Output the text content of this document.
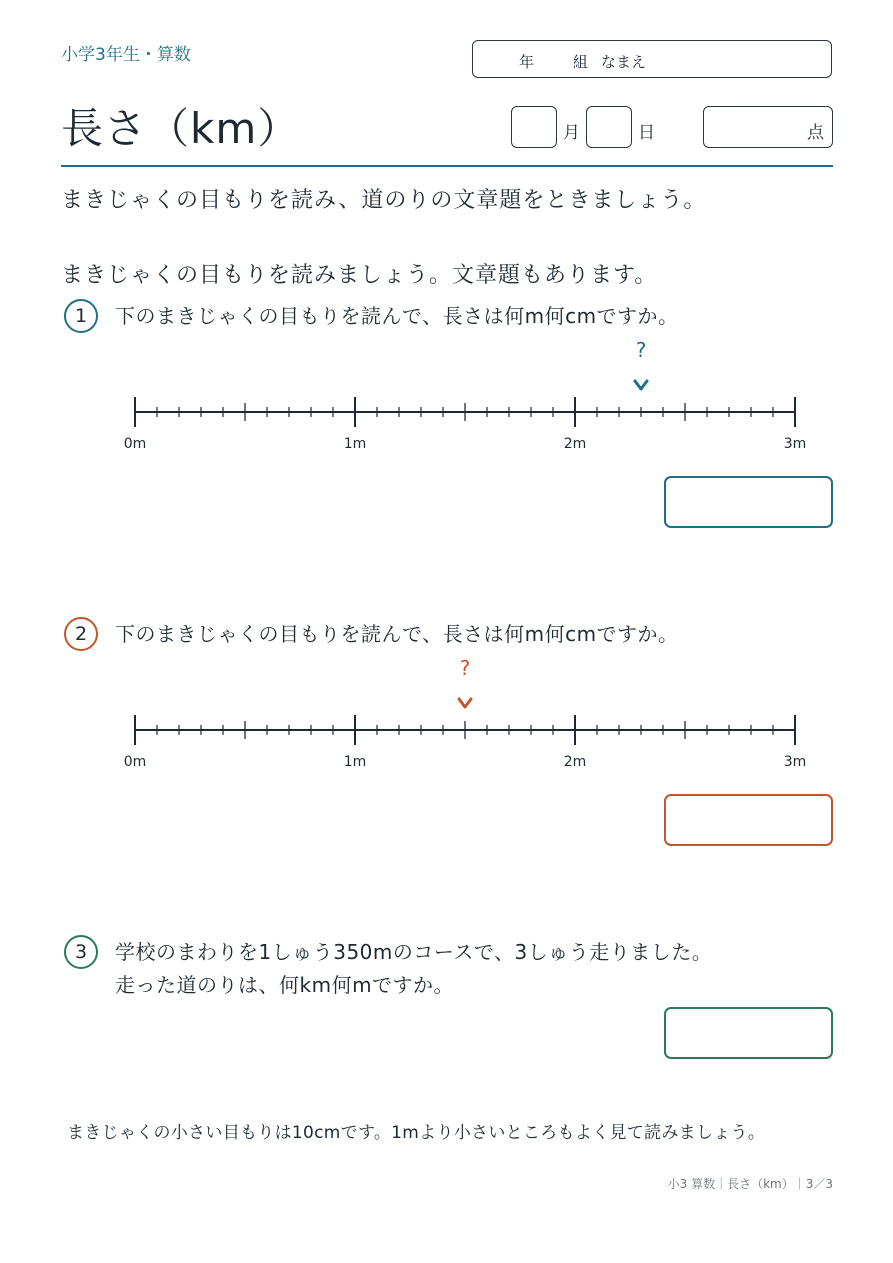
小学3年生・算数	年	組 なまえ
長さ（km）	月	日	点
まきじゃくの目もりを読み、道のりの文章題をときましょう。
まきじゃくの目もりを読みましょう。文章題もあります。
1	下のまきじゃくの目もりを読んで、長さは何m何cmですか。
0m	1m	2m	3m
?
2	下のまきじゃくの目もりを読んで、長さは何m何cmですか。
0m	1m	2m	3m
?
3	学校のまわりを1しゅう350mのコースで、3しゅう走りました。
走った道のりは、何km何mですか。
まきじゃくの小さい目もりは10cmです。1mより小さいところもよく見て読みましょう。
小3 算数｜長さ（km）｜3／3
